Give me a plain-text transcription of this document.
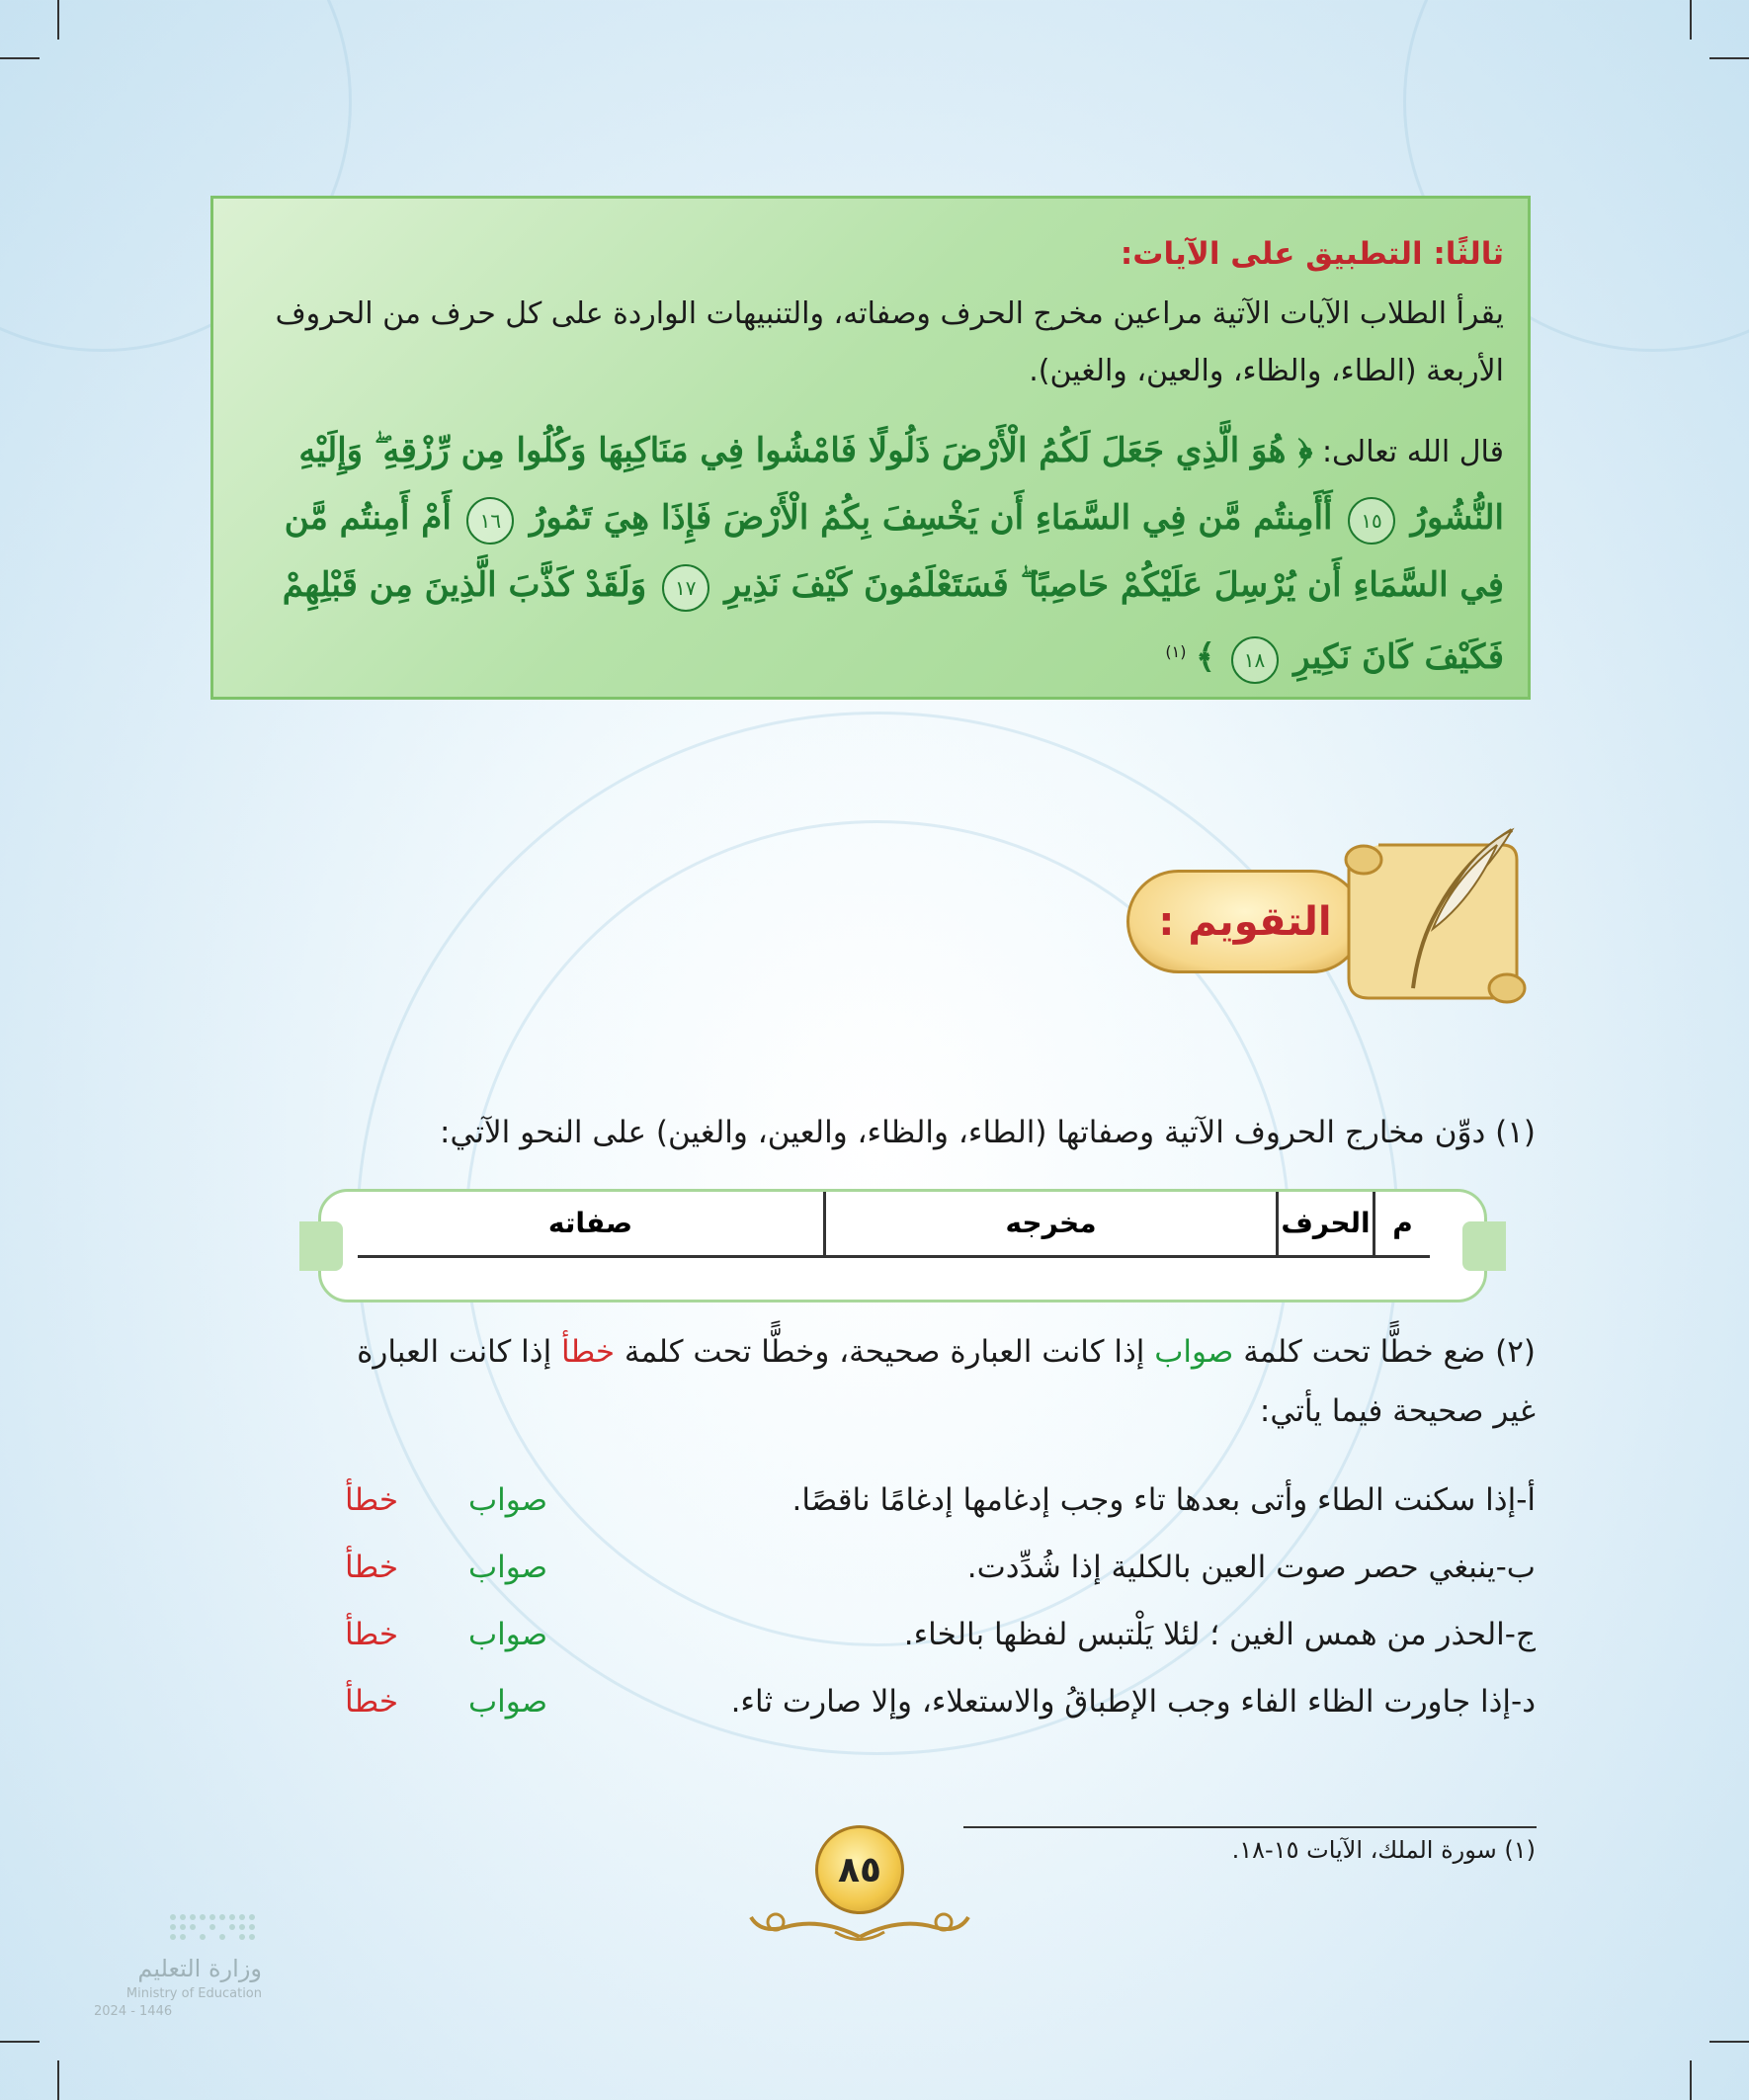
ثالثًا: التطبيق على الآيات:

يقرأ الطلاب الآيات الآتية مراعين مخرج الحرف وصفاته، والتنبيهات الواردة على كل حرف من الحروف
الأربعة (الطاء، والظاء، والعين، والغين).

قال الله تعالى: ﴿ هُوَ الَّذِي جَعَلَ لَكُمُ الْأَرْضَ ذَلُولًا فَامْشُوا فِي مَنَاكِبِهَا وَكُلُوا مِن رِّزْقِهِ ۖ وَإِلَيْهِ النُّشُورُ ١٥ أَأَمِنتُم مَّن فِي السَّمَاءِ أَن يَخْسِفَ بِكُمُ الْأَرْضَ فَإِذَا هِيَ تَمُورُ ١٦ أَمْ أَمِنتُم مَّن فِي السَّمَاءِ أَن يُرْسِلَ عَلَيْكُمْ حَاصِبًا ۖ فَسَتَعْلَمُونَ كَيْفَ نَذِيرِ ١٧ وَلَقَدْ كَذَّبَ الَّذِينَ مِن قَبْلِهِمْ فَكَيْفَ كَانَ نَكِيرِ ١٨ ﴾ $^{(١)}$
التقويم :

(١) دوِّن مخارج الحروف الآتية وصفاتها (الطاء، والظاء، والعين، والغين) على النحو الآتي:

م
الحرف
مخرجه
صفاته

(٢) ضع خطًّا تحت كلمة صواب إذا كانت العبارة صحيحة، وخطًّا تحت كلمة خطأ إذا كانت العبارة
غير صحيحة فيما يأتي:

أ-إذا سكنت الطاء وأتى بعدها تاء وجب إدغامها إدغامًا ناقصًا.
صواب
خطأ
ب-ينبغي حصر صوت العين بالكلية إذا شُدِّدت.
صواب
خطأ
ج-الحذر من همس الغين ؛ لئلا يَلْتبس لفظها بالخاء.
صواب
خطأ
د-إذا جاورت الظاء الفاء وجب الإطباقُ والاستعلاء، وإلا صارت ثاء.
صواب
خطأ

(١) سورة الملك، الآيات ١٥-١٨.

٨٥
وزارة التعليم
Ministry of Education
2024 - 1446
